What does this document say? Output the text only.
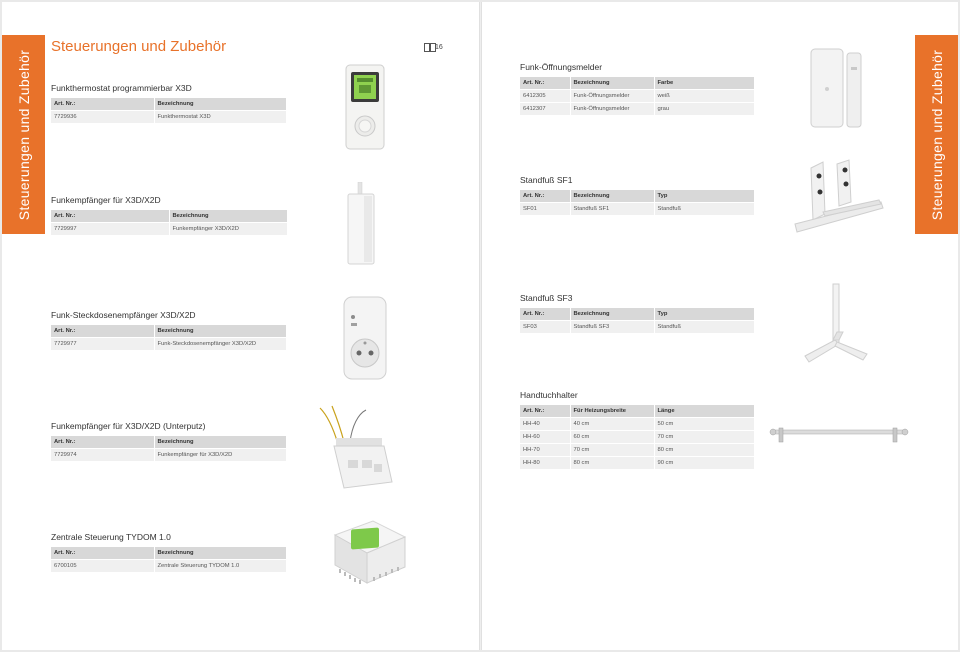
Steuerungen und Zubehör
Steuerungen und Zubehör	16
Funkthermostat programmierbar X3D
Art. Nr.:	Bezeichnung
7729936	Funkthermostat X3D
Funkempfänger für X3D/X2D
Art. Nr.:	Bezeichnung
7729997	Funkempfänger X3D/X2D
Funk-Steckdosenempfänger X3D/X2D
Art. Nr.:	Bezeichnung
7729977	Funk-Steckdosenempfänger X3D/X2D
Funkempfänger für X3D/X2D (Unterputz)
Art. Nr.:	Bezeichnung
7729974	Funkempfänger für X3D/X2D
Zentrale Steuerung TYDOM 1.0
Art. Nr.:	Bezeichnung
6700105	Zentrale Steuerung TYDOM 1.0
Steuerungen und Zubehör
Funk-Öffnungsmelder
Art. Nr.:	Bezeichnung	Farbe
6412305	Funk-Öffnungsmelder	weiß
6412307	Funk-Öffnungsmelder	grau
Standfuß SF1
Art. Nr.:	Bezeichnung	Typ
SF01	Standfuß SF1	Standfuß
Standfuß SF3
Art. Nr.:	Bezeichnung	Typ
SF03	Standfuß SF3	Standfuß
Handtuchhalter
Art. Nr.:	Für Heizungsbreite	Länge
HH-40	40 cm	50 cm
HH-60	60 cm	70 cm
HH-70	70 cm	80 cm
HH-80	80 cm	90 cm
